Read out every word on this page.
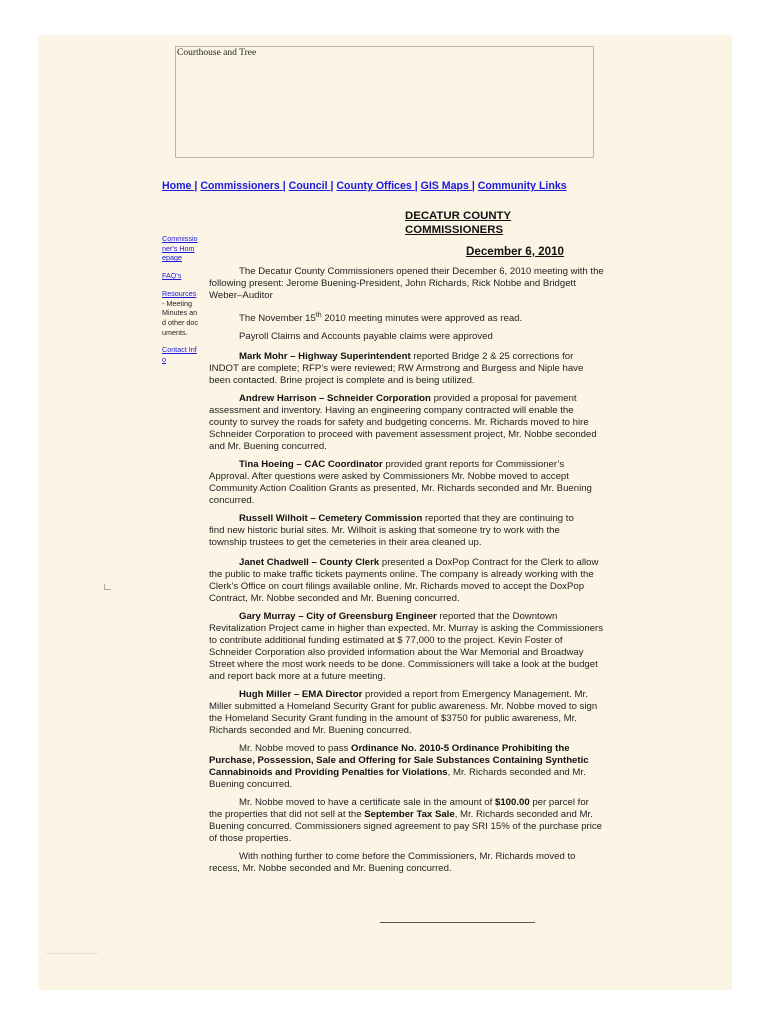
Courthouse and Tree
Home | Commissioners | Council | County Offices | GIS Maps | Community Links
Commissioner's Homepage
FAQ's
Resources
- Meeting Minutes and other documents.
Contact Info
DECATUR COUNTY
COMMISSIONERS
December 6, 2010

The Decatur County Commissioners opened their December 6, 2010 meeting with the following present: Jerome Buening-President, John Richards, Rick Nobbe and Bridgett Weber–Auditor

The November 15th 2010 meeting minutes were approved as read.

Payroll Claims and Accounts payable claims were approved

Mark Mohr – Highway Superintendent reported Bridge 2 & 25 corrections for INDOT are complete; RFP’s were reviewed; RW Armstrong and Burgess and Niple have been contacted. Brine project is complete and is being utilized.

Andrew Harrison – Schneider Corporation provided a proposal for pavement assessment and inventory. Having an engineering company contracted will enable the county to survey the roads for safety and budgeting concerns. Mr. Richards moved to hire Schneider Corporation to proceed with pavement assessment project, Mr. Nobbe seconded and Mr. Buening concurred.

Tina Hoeing – CAC Coordinator provided grant reports for Commissioner’s Approval. After questions were asked by Commissioners Mr. Nobbe moved to accept Community Action Coalition Grants as presented, Mr. Richards seconded and Mr. Buening concurred.

Russell Wilhoit – Cemetery Commission reported that they are continuing to find new historic burial sites. Mr. Wilhoit is asking that someone try to work with the township trustees to get the cemeteries in their area cleaned up.

Janet Chadwell – County Clerk presented a DoxPop Contract for the Clerk to allow the public to make traffic tickets payments online. The company is already working with the Clerk’s Office on court filings available online. Mr. Richards moved to accept the DoxPop Contract, Mr. Nobbe seconded and Mr. Buening concurred.

Gary Murray – City of Greensburg Engineer reported that the Downtown Revitalization Project came in higher than expected. Mr. Murray is asking the Commissioners to contribute additional funding estimated at $ 77,000 to the project. Kevin Foster of Schneider Corporation also provided information about the War Memorial and Broadway Street where the most work needs to be done. Commissioners will take a look at the budget and report back more at a future meeting.

Hugh Miller – EMA Director provided a report from Emergency Management. Mr. Miller submitted a Homeland Security Grant for public awareness. Mr. Nobbe moved to sign the Homeland Security Grant funding in the amount of $3750 for public awareness, Mr. Richards seconded and Mr. Buening concurred.

Mr. Nobbe moved to pass Ordinance No. 2010-5 Ordinance Prohibiting the Purchase, Possession, Sale and Offering for Sale Substances Containing Synthetic Cannabinoids and Providing Penalties for Violations, Mr. Richards seconded and Mr. Buening concurred.

Mr. Nobbe moved to have a certificate sale in the amount of $100.00 per parcel for the properties that did not sell at the September Tax Sale, Mr. Richards seconded and Mr. Buening concurred. Commissioners signed agreement to pay SRI 15% of the purchase price of those properties.

With nothing further to come before the Commissioners, Mr. Richards moved to recess, Mr. Nobbe seconded and Mr. Buening concurred.
